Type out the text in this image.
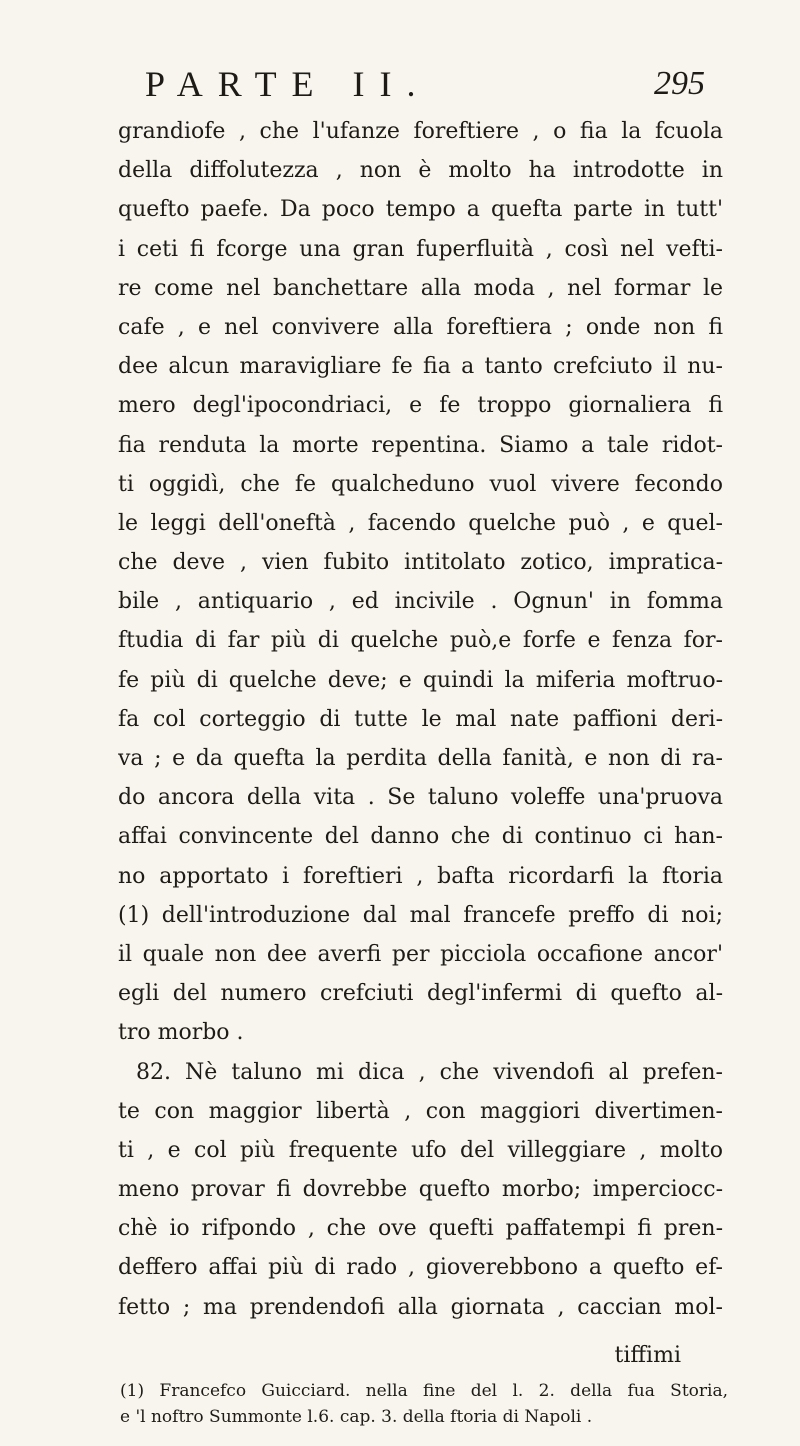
PARTE II.	295
grandiofe , che l'ufanze foreftiere , o fia la fcuola
della diffolutezza , non è molto ha introdotte in
quefto paefe. Da poco tempo a quefta parte in tutt'
i ceti fi fcorge una gran fuperfluità , così nel vefti-
re come nel banchettare alla moda , nel formar le
cafe , e nel convivere alla foreftiera ; onde non fi
dee alcun maravigliare fe fia a tanto crefciuto il nu-
mero degl'ipocondriaci, e fe troppo giornaliera fi
fia renduta la morte repentina. Siamo a tale ridot-
ti oggidì, che fe qualcheduno vuol vivere fecondo
le leggi dell'oneftà , facendo quelche può , e quel-
che deve , vien fubito intitolato zotico, impratica-
bile , antiquario , ed incivile . Ognun' in fomma
ftudia di far più di quelche può,e forfe e fenza for-
fe più di quelche deve; e quindi la miferia moftruo-
fa col corteggio di tutte le mal nate paffioni deri-
va ; e da quefta la perdita della fanità, e non di ra-
do ancora della vita . Se taluno voleffe una'pruova
affai convincente del danno che di continuo ci han-
no apportato i foreftieri , bafta ricordarfi la ftoria
(1) dell'introduzione dal mal francefe preffo di noi;
il quale non dee averfi per picciola occafione ancor'
egli del numero crefciuti degl'infermi di quefto al-
tro morbo .
82. Nè taluno mi dica , che vivendofi al prefen-
te con maggior libertà , con maggiori divertimen-
ti , e col più frequente ufo del villeggiare , molto
meno provar fi dovrebbe quefto morbo; imperciocc-
chè io rifpondo , che ove quefti paffatempi fi pren-
deffero affai più di rado , gioverebbono a quefto ef-
fetto ; ma prendendofi alla giornata , caccian mol-
tiffimi
(1) Francefco Guicciard. nella fine del l. 2. della fua Storia,
e 'l noftro Summonte l.6. cap. 3. della ftoria di Napoli .
